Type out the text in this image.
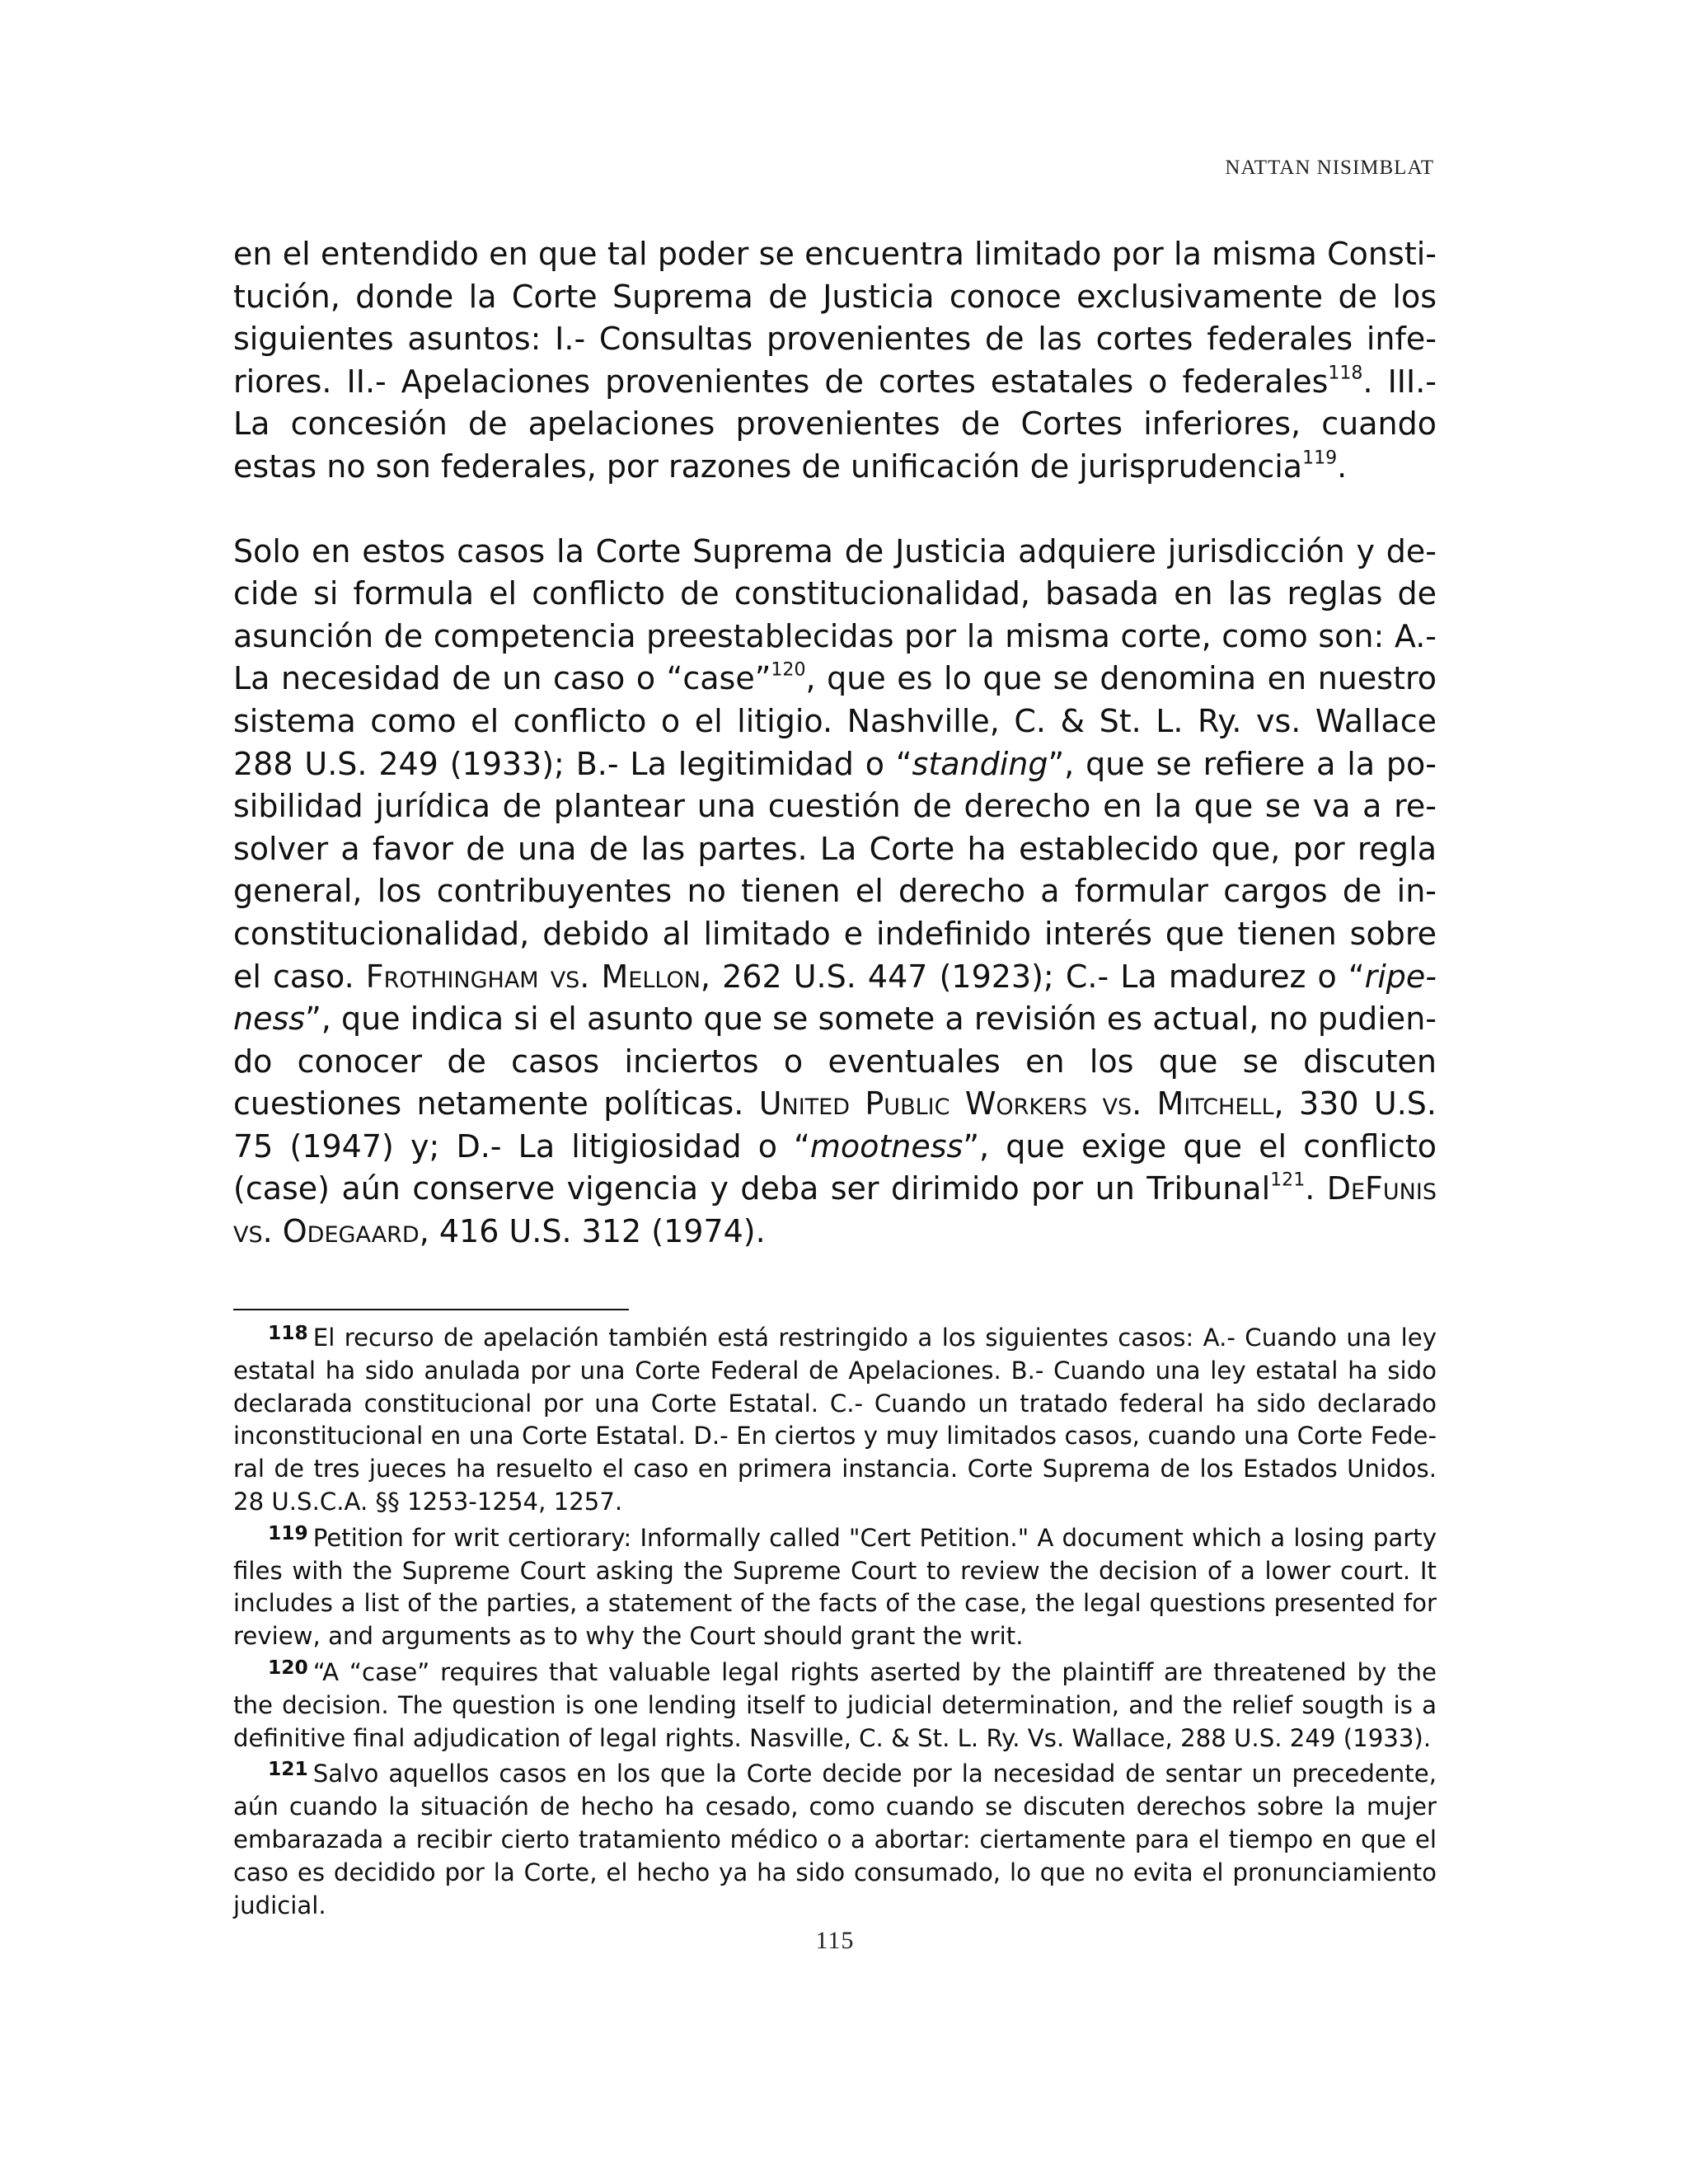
NATTAN NISIMBLAT

en el entendido en que tal poder se encuentra limitado por la misma Constitución, donde la Corte Suprema de Justicia conoce exclusivamente de los siguientes asuntos: I.- Consultas provenientes de las cortes federales inferiores. II.- Apelaciones provenientes de cortes estatales o federales$^{118}$. III.- La concesión de apelaciones provenientes de Cortes inferiores, cuando estas no son federales, por razones de unificación de jurisprudencia$^{119}$.

Solo en estos casos la Corte Suprema de Justicia adquiere jurisdicción y decide si formula el conflicto de constitucionalidad, basada en las reglas de asunción de competencia preestablecidas por la misma corte, como son: A.- La necesidad de un caso o “case”$^{120}$, que es lo que se denomina en nuestro sistema como el conflicto o el litigio. Nashville, C. & St. L. Ry. vs. Wallace 288 U.S. 249 (1933); B.- La legitimidad o “standing”, que se refiere a la posibilidad jurídica de plantear una cuestión de derecho en la que se va a resolver a favor de una de las partes. La Corte ha establecido que, por regla general, los contribuyentes no tienen el derecho a formular cargos de inconstitucionalidad, debido al limitado e indefinido interés que tienen sobre el caso. Frothingham vs. Mellon, 262 U.S. 447 (1923); C.- La madurez o “ripeness”, que indica si el asunto que se somete a revisión es actual, no pudiendo conocer de casos inciertos o eventuales en los que se discuten cuestiones netamente políticas. United Public Workers vs. Mitchell, 330 U.S. 75 (1947) y; D.- La litigiosidad o “mootness”, que exige que el conflicto (case) aún conserve vigencia y deba ser dirimido por un Tribunal$^{121}$. DeFunis vs. Odegaard, 416 U.S. 312 (1974).

$^{118}$ El recurso de apelación también está restringido a los siguientes casos: A.- Cuando una ley estatal ha sido anulada por una Corte Federal de Apelaciones. B.- Cuando una ley estatal ha sido declarada constitucional por una Corte Estatal. C.- Cuando un tratado federal ha sido declarado inconstitucional en una Corte Estatal. D.- En ciertos y muy limitados casos, cuando una Corte Federal de tres jueces ha resuelto el caso en primera instancia. Corte Suprema de los Estados Unidos. 28 U.S.C.A. §§ 1253-1254, 1257.

$^{119}$ Petition for writ certiorary: Informally called "Cert Petition." A document which a losing party files with the Supreme Court asking the Supreme Court to review the decision of a lower court. It includes a list of the parties, a statement of the facts of the case, the legal questions presented for review, and arguments as to why the Court should grant the writ.

$^{120}$ “A “case” requires that valuable legal rights aserted by the plaintiff are threatened by the the decision. The question is one lending itself to judicial determination, and the relief sougth is a definitive final adjudication of legal rights. Nasville, C. & St. L. Ry. Vs. Wallace, 288 U.S. 249 (1933).

$^{121}$ Salvo aquellos casos en los que la Corte decide por la necesidad de sentar un precedente, aún cuando la situación de hecho ha cesado, como cuando se discuten derechos sobre la mujer embarazada a recibir cierto tratamiento médico o a abortar: ciertamente para el tiempo en que el caso es decidido por la Corte, el hecho ya ha sido consumado, lo que no evita el pronunciamiento judicial.

115
